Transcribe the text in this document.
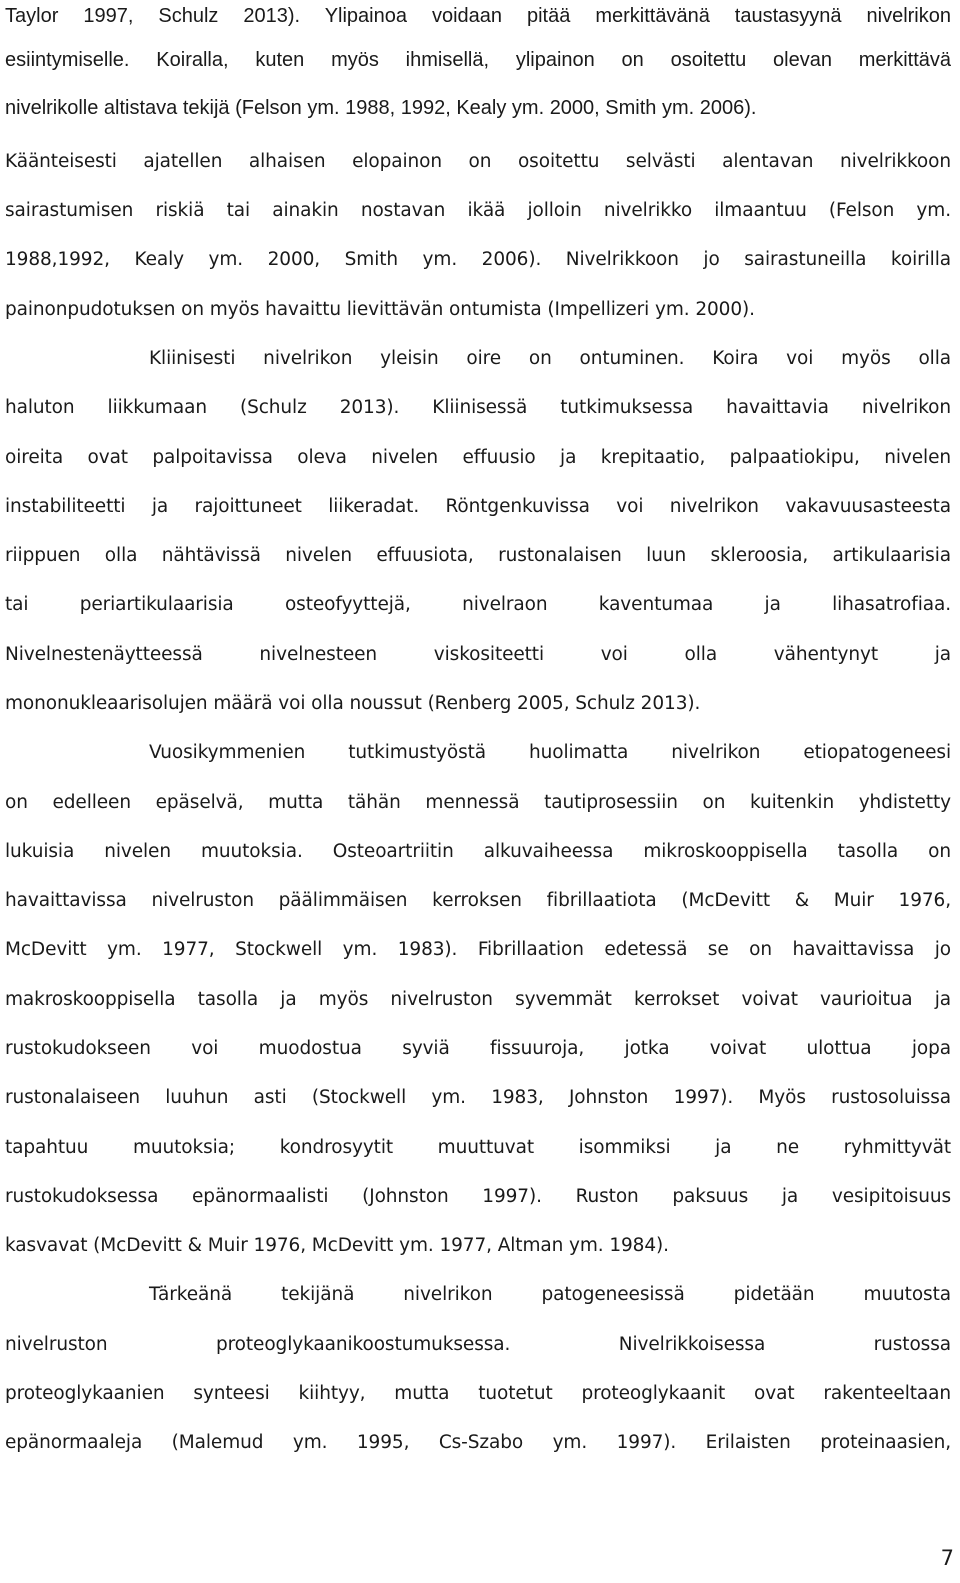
Taylor 1997, Schulz 2013). Ylipainoa voidaan pitää merkittävänä taustasyynä nivelrikon
esiintymiselle. Koiralla, kuten myös ihmisellä, ylipainon on osoitettu olevan merkittävä
nivelrikolle altistava tekijä (Felson ym. 1988, 1992, Kealy ym. 2000, Smith ym. 2006).
Käänteisesti ajatellen alhaisen elopainon on osoitettu selvästi alentavan nivelrikkoon
sairastumisen riskiä tai ainakin nostavan ikää jolloin nivelrikko ilmaantuu (Felson ym.
1988,1992, Kealy ym. 2000, Smith ym. 2006). Nivelrikkoon jo sairastuneilla koirilla
painonpudotuksen on myös havaittu lievittävän ontumista (Impellizeri ym. 2000).
Kliinisesti nivelrikon yleisin oire on ontuminen. Koira voi myös olla
haluton liikkumaan (Schulz 2013). Kliinisessä tutkimuksessa havaittavia nivelrikon
oireita ovat palpoitavissa oleva nivelen effuusio ja krepitaatio, palpaatiokipu, nivelen
instabiliteetti ja rajoittuneet liikeradat. Röntgenkuvissa voi nivelrikon vakavuusasteesta
riippuen olla nähtävissä nivelen effuusiota, rustonalaisen luun skleroosia, artikulaarisia
tai periartikulaarisia osteofyyttejä, nivelraon kaventumaa ja lihasatrofiaa.
Nivelnestenäytteessä nivelnesteen viskositeetti voi olla vähentynyt ja
mononukleaarisolujen määrä voi olla noussut (Renberg 2005, Schulz 2013).
Vuosikymmenien tutkimustyöstä huolimatta nivelrikon etiopatogeneesi
on edelleen epäselvä, mutta tähän mennessä tautiprosessiin on kuitenkin yhdistetty
lukuisia nivelen muutoksia. Osteoartriitin alkuvaiheessa mikroskooppisella tasolla on
havaittavissa nivelruston päälimmäisen kerroksen fibrillaatiota (McDevitt & Muir 1976,
McDevitt ym. 1977, Stockwell ym. 1983). Fibrillaation edetessä se on havaittavissa jo
makroskooppisella tasolla ja myös nivelruston syvemmät kerrokset voivat vaurioitua ja
rustokudokseen voi muodostua syviä fissuuroja, jotka voivat ulottua jopa
rustonalaiseen luuhun asti (Stockwell ym. 1983, Johnston 1997). Myös rustosoluissa
tapahtuu muutoksia; kondrosyytit muuttuvat isommiksi ja ne ryhmittyvät
rustokudoksessa epänormaalisti (Johnston 1997). Ruston paksuus ja vesipitoisuus
kasvavat (McDevitt & Muir 1976, McDevitt ym. 1977, Altman ym. 1984).
Tärkeänä tekijänä nivelrikon patogeneesissä pidetään muutosta
nivelruston proteoglykaanikoostumuksessa. Nivelrikkoisessa rustossa
proteoglykaanien synteesi kiihtyy, mutta tuotetut proteoglykaanit ovat rakenteeltaan
epänormaaleja (Malemud ym. 1995, Cs-Szabo ym. 1997). Erilaisten proteinaasien,
7
